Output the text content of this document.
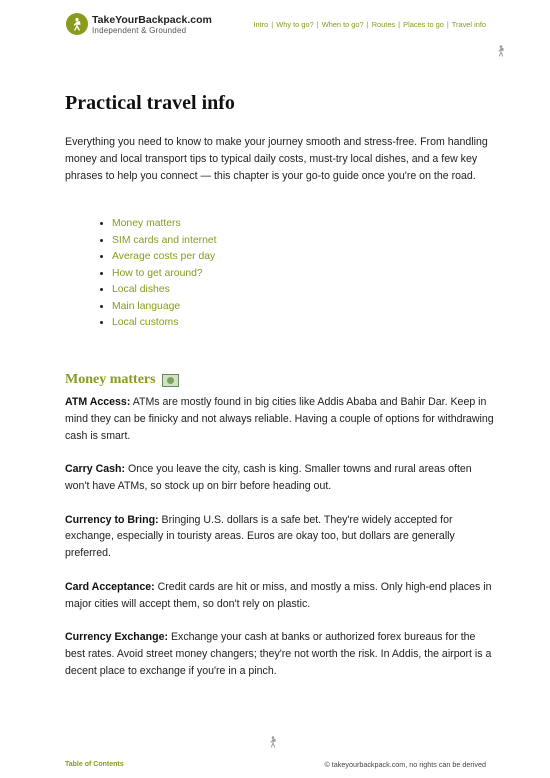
TakeYourBackpack.com
Independent & Grounded
Intro | Why to go? | When to go? | Routes | Places to go | Travel info
Practical travel info

Everything you need to know to make your journey smooth and stress-free. From handling money and local transport tips to typical daily costs, must-try local dishes, and a few key phrases to help you connect — this chapter is your go-to guide once you're on the road.

• Money matters
• SIM cards and internet
• Average costs per day
• How to get around?
• Local dishes
• Main language
• Local customs
Money matters

ATM Access: ATMs are mostly found in big cities like Addis Ababa and Bahir Dar. Keep in mind they can be finicky and not always reliable. Having a couple of options for withdrawing cash is smart.

Carry Cash: Once you leave the city, cash is king. Smaller towns and rural areas often won't have ATMs, so stock up on birr before heading out.

Currency to Bring: Bringing U.S. dollars is a safe bet. They're widely accepted for exchange, especially in touristy areas. Euros are okay too, but dollars are generally preferred.

Card Acceptance: Credit cards are hit or miss, and mostly a miss. Only high-end places in major cities will accept them, so don't rely on plastic.

Currency Exchange: Exchange your cash at banks or authorized forex bureaus for the best rates. Avoid street money changers; they're not worth the risk. In Addis, the airport is a decent place to exchange if you're in a pinch.

Table of Contents	© takeyourbackpack.com, no rights can be derived
